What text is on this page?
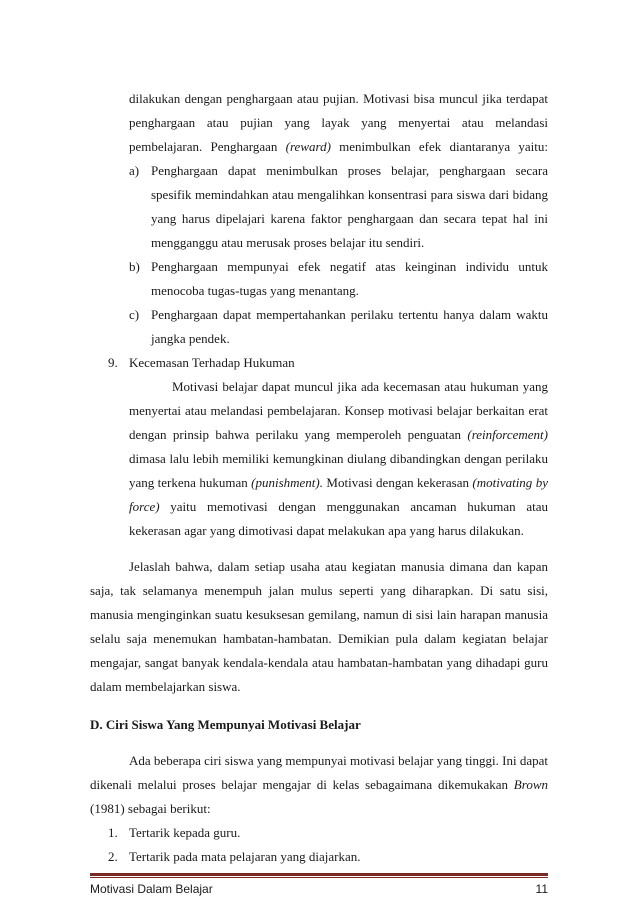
dilakukan dengan penghargaan atau pujian. Motivasi bisa muncul jika terdapat
penghargaan atau pujian yang layak yang menyertai atau melandasi
pembelajaran. Penghargaan (reward) menimbulkan efek diantaranya yaitu:
a) Penghargaan dapat menimbulkan proses belajar, penghargaan secara
spesifik memindahkan atau mengalihkan konsentrasi para siswa dari bidang
yang harus dipelajari karena faktor penghargaan dan secara tepat hal ini
mengganggu atau merusak proses belajar itu sendiri.
b) Penghargaan mempunyai efek negatif atas keinginan individu untuk
menocoba tugas-tugas yang menantang.
c) Penghargaan dapat mempertahankan perilaku tertentu hanya dalam waktu
jangka pendek.
9. Kecemasan Terhadap Hukuman
Motivasi belajar dapat muncul jika ada kecemasan atau hukuman yang
menyertai atau melandasi pembelajaran. Konsep motivasi belajar berkaitan erat
dengan prinsip bahwa perilaku yang memperoleh penguatan (reinforcement)
dimasa lalu lebih memiliki kemungkinan diulang dibandingkan dengan perilaku
yang terkena hukuman (punishment). Motivasi dengan kekerasan (motivating by
force) yaitu memotivasi dengan menggunakan ancaman hukuman atau
kekerasan agar yang dimotivasi dapat melakukan apa yang harus dilakukan.
Jelaslah bahwa, dalam setiap usaha atau kegiatan manusia dimana dan kapan
saja, tak selamanya menempuh jalan mulus seperti yang diharapkan. Di satu sisi,
manusia menginginkan suatu kesuksesan gemilang, namun di sisi lain harapan manusia
selalu saja menemukan hambatan-hambatan. Demikian pula dalam kegiatan belajar
mengajar, sangat banyak kendala-kendala atau hambatan-hambatan yang dihadapi guru
dalam membelajarkan siswa.
D. Ciri Siswa Yang Mempunyai Motivasi Belajar
Ada beberapa ciri siswa yang mempunyai motivasi belajar yang tinggi. Ini dapat
dikenali melalui proses belajar mengajar di kelas sebagaimana dikemukakan Brown
(1981) sebagai berikut:
1. Tertarik kepada guru.
2. Tertarik pada mata pelajaran yang diajarkan.
Motivasi Dalam Belajar	11
